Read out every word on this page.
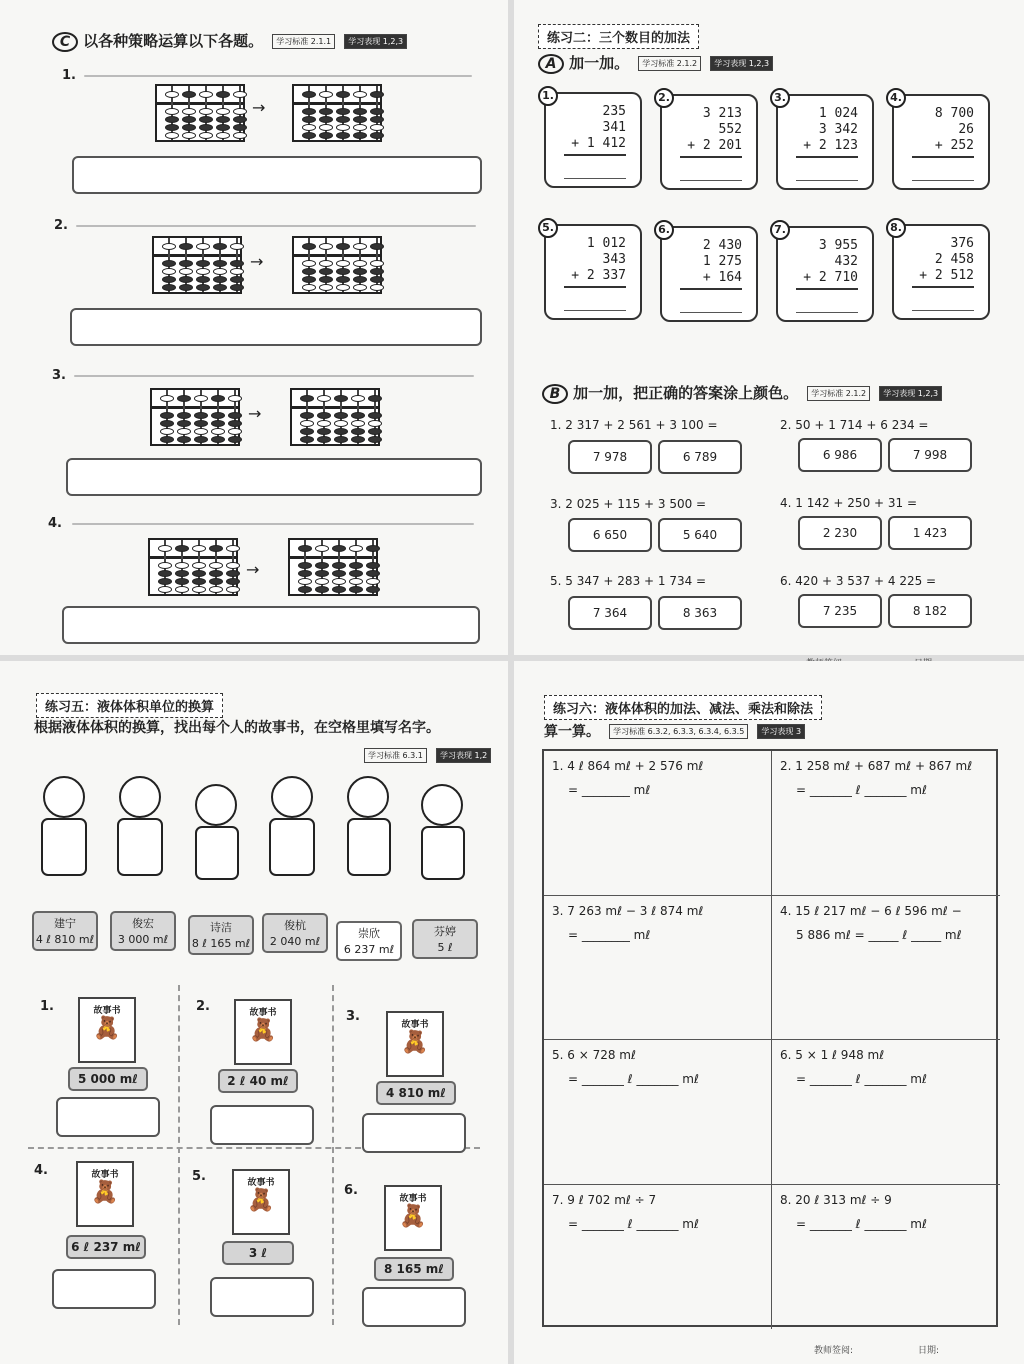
C 以各种策略运算以下各题。 学习标准 2.1.1 学习表现 1,2,3
1.
→
2.
→
3.
→
4.
→
练习二：三个数目的加法
A 加一加。 学习标准 2.1.2 学习表现 1,2,3
1.
235
341
+ 1 412
2.
3 213
552
+ 2 201
3.
1 024
3 342
+ 2 123
4.
8 700
26
+ 252
5.
1 012
343
+ 2 337
6.
2 430
1 275
+ 164
7.
3 955
432
+ 2 710
8.
376
2 458
+ 2 512
B 加一加，把正确的答案涂上颜色。 学习标准 2.1.2 学习表现 1,2,3
1. 2 317 + 2 561 + 3 100 =
7 978	6 789
2. 50 + 1 714 + 6 234 =
6 986	7 998
3. 2 025 + 115 + 3 500 =
6 650	5 640
4. 1 142 + 250 + 31 =
2 230	1 423
5. 5 347 + 283 + 1 734 =
7 364	8 363
6. 420 + 3 537 + 4 225 =
7 235	8 182
练习五：液体体积单位的换算
根据液体体积的换算，找出每个人的故事书，在空格里填写名字。
学习标准 6.3.1 学习表现 1,2
建宁
4 ℓ 810 mℓ
俊宏
3 000 mℓ
诗洁
8 ℓ 165 mℓ
俊杭
2 040 mℓ
崇欣
6 237 mℓ
芬婷
5 ℓ
1.	故事书
🧸
5 000 mℓ
2.	故事书
🧸
2 ℓ 40 mℓ
3.
故事书
🧸
4 810 mℓ
4.	故事书
🧸
6 ℓ 237 mℓ
5.	故事书
🧸
3 ℓ
6.
故事书
🧸
8 165 mℓ
练习六：液体体积的加法、减法、乘法和除法
算一算。 学习标准 6.3.2, 6.3.3, 6.3.4, 6.3.5 学习表现 3
1. 4 ℓ 864 mℓ + 2 576 mℓ
= ________ mℓ
2. 1 258 mℓ + 687 mℓ + 867 mℓ
= _______ ℓ _______ mℓ
3. 7 263 mℓ − 3 ℓ 874 mℓ
= ________ mℓ
4. 15 ℓ 217 mℓ − 6 ℓ 596 mℓ −
5 886 mℓ = _____ ℓ _____ mℓ
5. 6 × 728 mℓ
= _______ ℓ _______ mℓ
6. 5 × 1 ℓ 948 mℓ
= _______ ℓ _______ mℓ
7. 9 ℓ 702 mℓ ÷ 7
= _______ ℓ _______ mℓ
8. 20 ℓ 313 mℓ ÷ 9
= _______ ℓ _______ mℓ
教师签阅:	日期:
